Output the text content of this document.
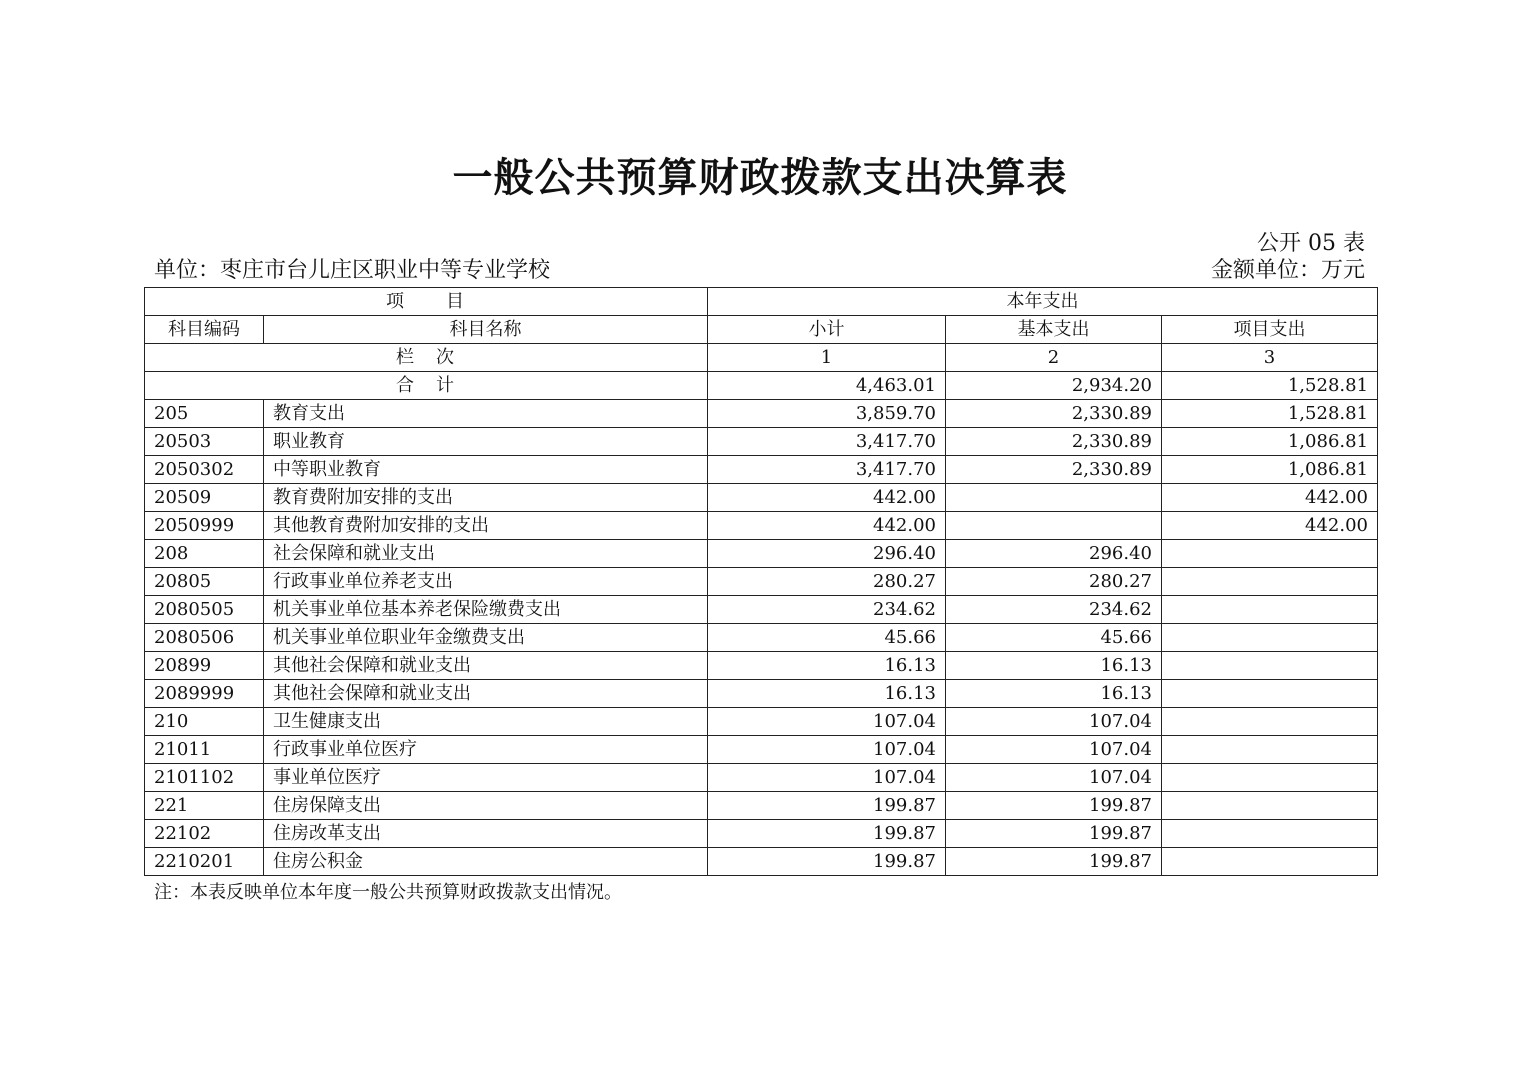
一般公共预算财政拨款支出决算表
公开 05 表
单位：枣庄市台儿庄区职业中等专业学校	金额单位：万元
项　　目		本年支出		
科目编码	科目名称	小计	基本支出	项目支出
栏　次		1	2	3
合　计		4,463.01	2,934.20	1,528.81
205	教育支出	3,859.70	2,330.89	1,528.81
20503	职业教育	3,417.70	2,330.89	1,086.81
2050302	中等职业教育	3,417.70	2,330.89	1,086.81
20509	教育费附加安排的支出	442.00		442.00
2050999	其他教育费附加安排的支出	442.00		442.00
208	社会保障和就业支出	296.40	296.40	
20805	行政事业单位养老支出	280.27	280.27	
2080505	机关事业单位基本养老保险缴费支出	234.62	234.62	
2080506	机关事业单位职业年金缴费支出	45.66	45.66	
20899	其他社会保障和就业支出	16.13	16.13	
2089999	其他社会保障和就业支出	16.13	16.13	
210	卫生健康支出	107.04	107.04	
21011	行政事业单位医疗	107.04	107.04	
2101102	事业单位医疗	107.04	107.04	
221	住房保障支出	199.87	199.87	
22102	住房改革支出	199.87	199.87	
2210201	住房公积金	199.87	199.87	
注：本表反映单位本年度一般公共预算财政拨款支出情况。
